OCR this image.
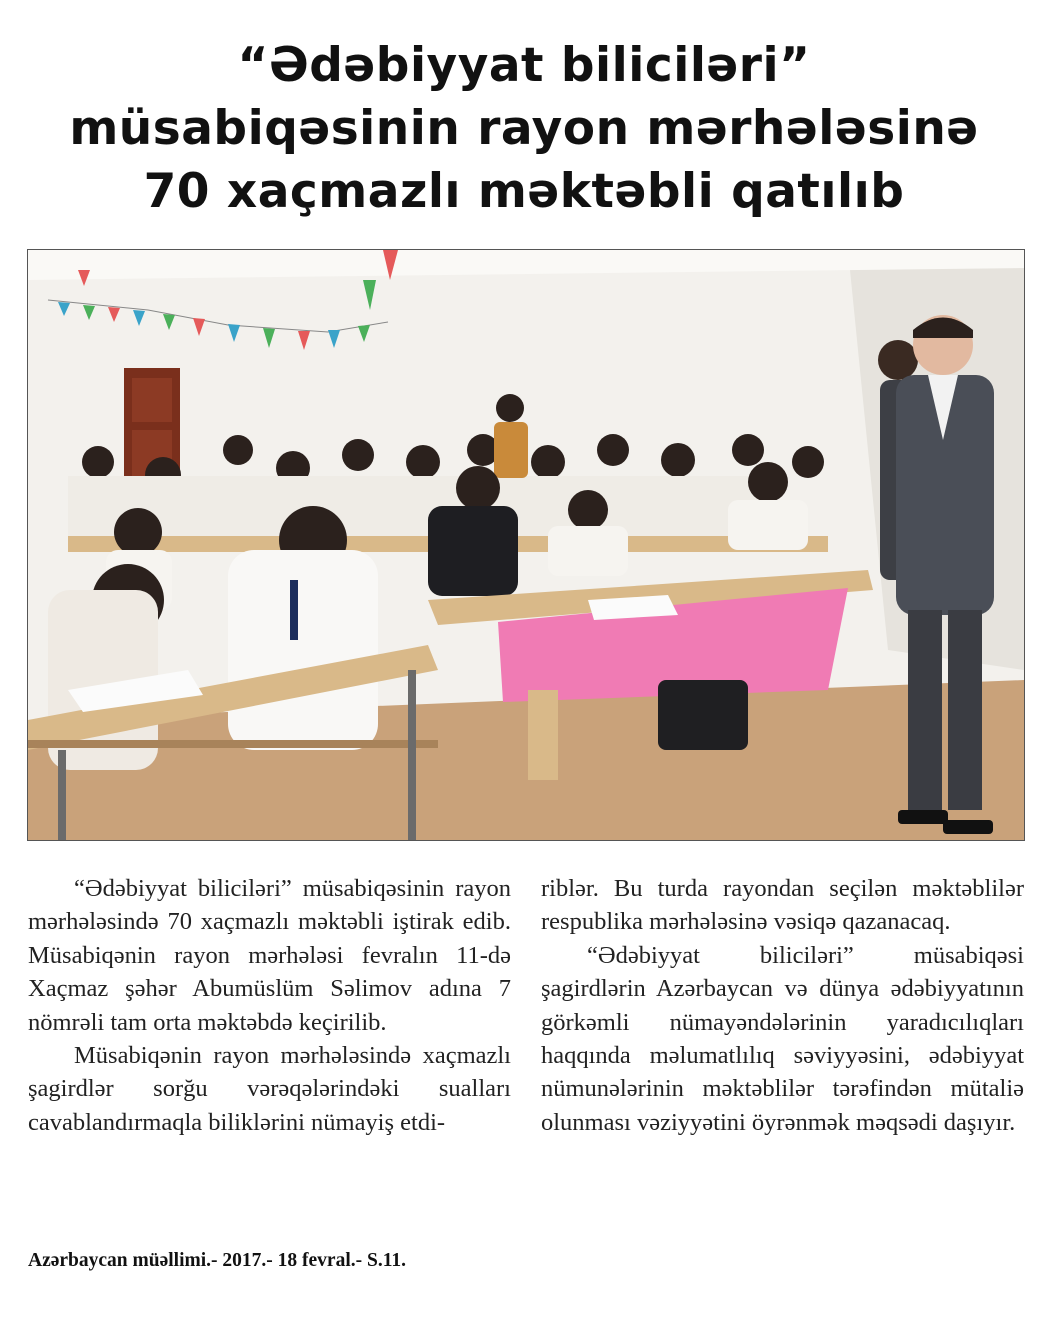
“Ədəbiyyat biliciləri”
müsabiqəsinin rayon mərhələsinə
70 xaçmazlı məktəbli qatılıb

“Ədəbiyyat biliciləri” müsabiqəsinin rayon mərhələsində 70 xaçmazlı məktəbli iştirak edib. Müsabiqənin rayon mərhələsi fevralın 11-də Xaçmaz şəhər Abumüslüm Səlimov adına 7 nömrəli tam orta məktəbdə keçirilib.

Müsabiqənin rayon mərhələsində xaçmazlı şagirdlər sorğu vərəqələrindəki sualları cavablandırmaqla biliklərini nümayiş etdi-

riblər. Bu turda rayondan seçilən məktəblilər respublika mərhələsinə vəsiqə qazanacaq.

“Ədəbiyyat biliciləri” müsabiqəsi şagirdlərin Azərbaycan və dünya ədəbiyyatının görkəmli nümayəndələrinin yaradıcılıqları haqqında məlumatlılıq səviyyəsini, ədəbiyyat nümunələrinin məktəblilər tərəfindən mütaliə olunması vəziyyətini öyrənmək məqsədi daşıyır.

Azərbaycan müəllimi.- 2017.- 18 fevral.- S.11.
